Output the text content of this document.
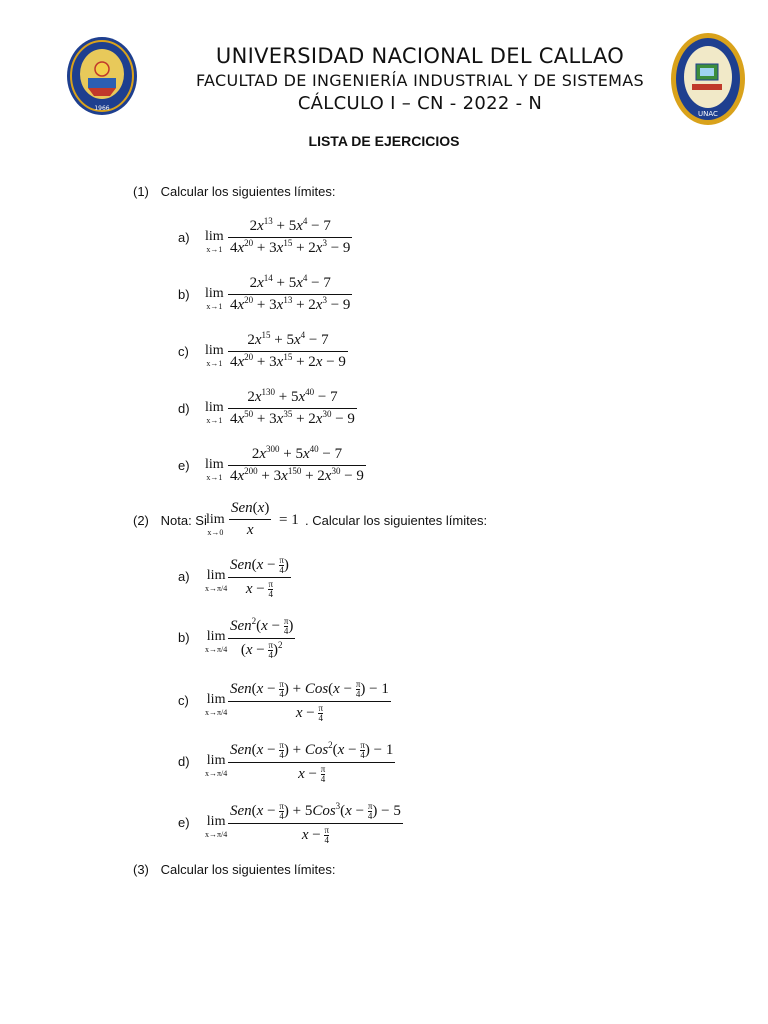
1966
UNAC
UNIVERSIDAD NACIONAL DEL CALLAO
FACULTAD DE INGENIERÍA INDUSTRIAL Y DE SISTEMAS
CÁLCULO I – CN - 2022 - N
LISTA DE EJERCICIOS
(1) Calcular los siguientes límites:
a) lim
$x\to 1 \frac{2x^{13} + 5x^4 - 7}{4x^{20} + 3x^{15} + 2x^3 - 9}$
b) lim
$x\to 1 \frac{2x^{14} + 5x^4 - 7}{4x^{20} + 3x^{13} + 2x^3 - 9}$
c) lim
$x\to 1 \frac{2x^{15} + 5x^4 - 7}{4x^{20} + 3x^{15} + 2x - 9}$
d) lim
$x\to 1 \frac{2x^{130} + 5x^{40} - 7}{4x^{50} + 3x^{35} + 2x^{30} - 9}$
e) lim
$x\to 1 \frac{2x^{300} + 5x^{40} - 7}{4x^{200} + 3x^{150} + 2x^{30} - 9}$
(2) Nota: Si lim
x→0
Sen(x)
x
= 1 . Calcular los siguientes límites:
a) lim
x→π/4
$Sen(x - \frac{\pi}{4}$ )
$x - \frac{\pi}{4}$
b) lim
x→π/4
$Sen^2(x - \frac{\pi}{4}$ )
$(x - \frac{\pi}{4} )^2$
c) lim
x→π/4
$Sen(x - \frac{\pi}{4}$ ) + $Cos(x - \frac{\pi}{4}$ ) − 1
$x - \frac{\pi}{4}$
d) lim
x→π/4
$Sen(x - \frac{\pi}{4}$ ) + $Cos^2(x - \frac{\pi}{4}$ ) − 1
$x - \frac{\pi}{4}$
e) lim
x→π/4
$Sen(x - \frac{\pi}{4}$ ) + $5Cos^3(x - \frac{\pi}{4}$ ) − 5
$x - \frac{\pi}{4}$
(3) Calcular los siguientes límites:
